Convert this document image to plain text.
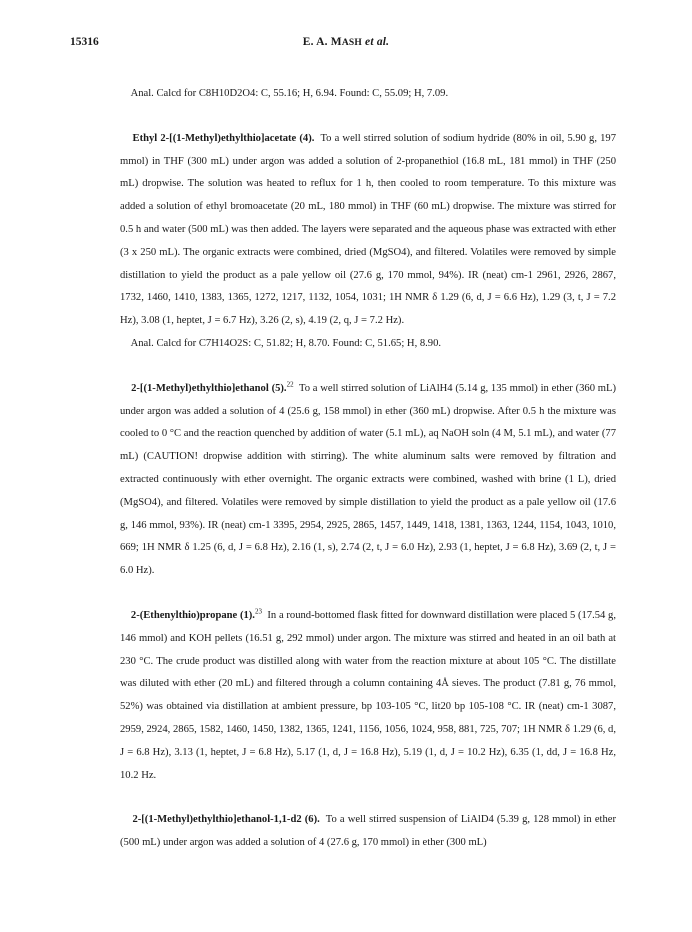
15316	E. A. MASH et al.

Anal. Calcd for C8H10D2O4: C, 55.16; H, 6.94. Found: C, 55.09; H, 7.09.

Ethyl 2-[(1-Methyl)ethylthio]acetate (4). To a well stirred solution of sodium hydride (80% in oil, 5.90 g, 197 mmol) in THF (300 mL) under argon was added a solution of 2-propanethiol (16.8 mL, 181 mmol) in THF (250 mL) dropwise. The solution was heated to reflux for 1 h, then cooled to room temperature. To this mixture was added a solution of ethyl bromoacetate (20 mL, 180 mmol) in THF (60 mL) dropwise. The mixture was stirred for 0.5 h and water (500 mL) was then added. The layers were separated and the aqueous phase was extracted with ether (3 x 250 mL). The organic extracts were combined, dried (MgSO4), and filtered. Volatiles were removed by simple distillation to yield the product as a pale yellow oil (27.6 g, 170 mmol, 94%). IR (neat) cm-1 2961, 2926, 2867, 1732, 1460, 1410, 1383, 1365, 1272, 1217, 1132, 1054, 1031; 1H NMR δ 1.29 (6, d, J = 6.6 Hz), 1.29 (3, t, J = 7.2 Hz), 3.08 (1, heptet, J = 6.7 Hz), 3.26 (2, s), 4.19 (2, q, J = 7.2 Hz).

Anal. Calcd for C7H14O2S: C, 51.82; H, 8.70. Found: C, 51.65; H, 8.90.

2-[(1-Methyl)ethylthio]ethanol (5).$^{22}$ To a well stirred solution of LiAlH4 (5.14 g, 135 mmol) in ether (360 mL) under argon was added a solution of 4 (25.6 g, 158 mmol) in ether (360 mL) dropwise. After 0.5 h the mixture was cooled to 0 °C and the reaction quenched by addition of water (5.1 mL), aq NaOH soln (4 M, 5.1 mL), and water (77 mL) (CAUTION! dropwise addition with stirring). The white aluminum salts were removed by filtration and extracted continuously with ether overnight. The organic extracts were combined, washed with brine (1 L), dried (MgSO4), and filtered. Volatiles were removed by simple distillation to yield the product as a pale yellow oil (17.6 g, 146 mmol, 93%). IR (neat) cm-1 3395, 2954, 2925, 2865, 1457, 1449, 1418, 1381, 1363, 1244, 1154, 1043, 1010, 669; 1H NMR δ 1.25 (6, d, J = 6.8 Hz), 2.16 (1, s), 2.74 (2, t, J = 6.0 Hz), 2.93 (1, heptet, J = 6.8 Hz), 3.69 (2, t, J = 6.0 Hz).

2-(Ethenylthio)propane (1).$^{23}$ In a round-bottomed flask fitted for downward distillation were placed 5 (17.54 g, 146 mmol) and KOH pellets (16.51 g, 292 mmol) under argon. The mixture was stirred and heated in an oil bath at 230 °C. The crude product was distilled along with water from the reaction mixture at about 105 °C. The distillate was diluted with ether (20 mL) and filtered through a column containing 4Å sieves. The product (7.81 g, 76 mmol, 52%) was obtained via distillation at ambient pressure, bp 103-105 °C, lit20 bp 105-108 °C. IR (neat) cm-1 3087, 2959, 2924, 2865, 1582, 1460, 1450, 1382, 1365, 1241, 1156, 1056, 1024, 958, 881, 725, 707; 1H NMR δ 1.29 (6, d, J = 6.8 Hz), 3.13 (1, heptet, J = 6.8 Hz), 5.17 (1, d, J = 16.8 Hz), 5.19 (1, d, J = 10.2 Hz), 6.35 (1, dd, J = 16.8 Hz, 10.2 Hz.

2-[(1-Methyl)ethylthio]ethanol-1,1-d2 (6). To a well stirred suspension of LiAlD4 (5.39 g, 128 mmol) in ether (500 mL) under argon was added a solution of 4 (27.6 g, 170 mmol) in ether (300 mL)
